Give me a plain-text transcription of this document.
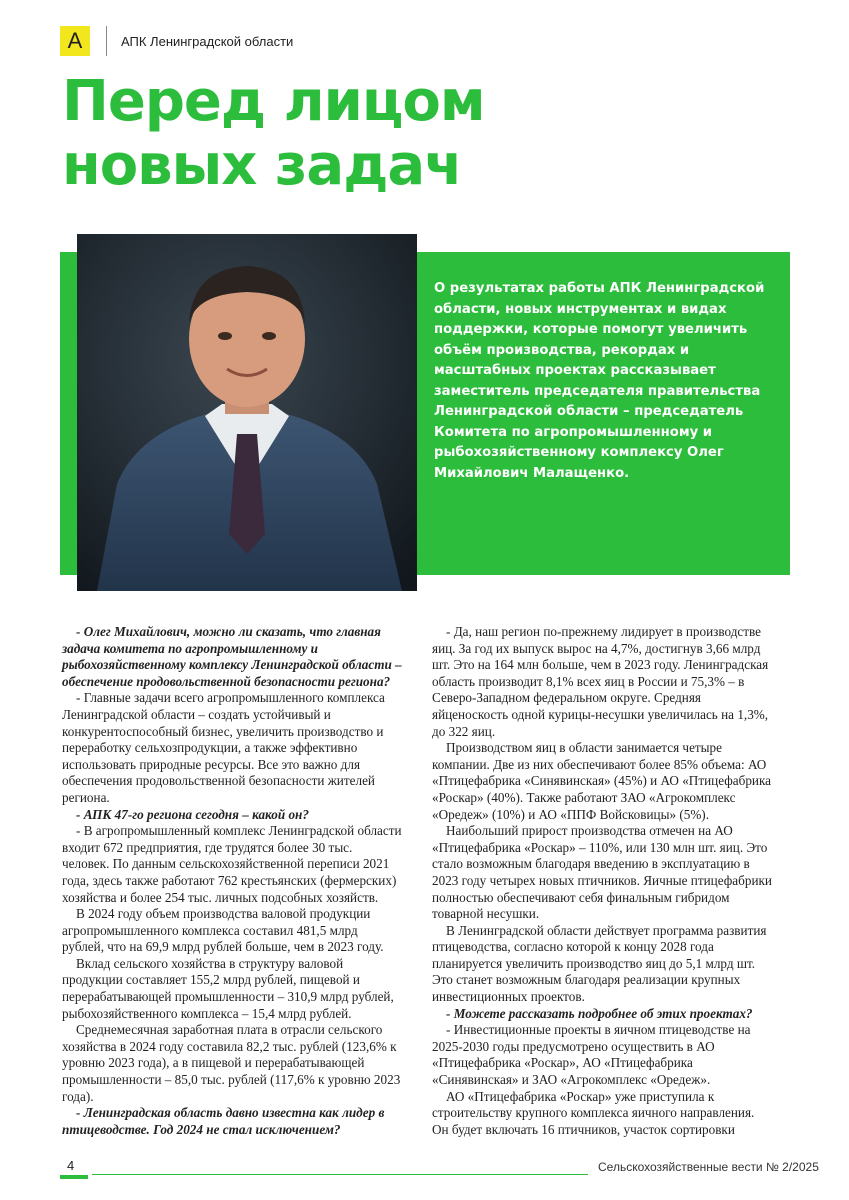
А	АПК Ленинградской области
Перед лицом
новых задач
О результатах работы АПК Ленинградской области, новых инструментах и видах поддержки, которые помогут увеличить объём производства, рекордах и масштабных проектах рассказывает заместитель председателя правительства Ленинградской области – председатель Комитета по агропромышленному и рыбохозяйственному комплексу Олег Михайлович Малащенко.

- Олег Михайлович, можно ли сказать, что главная задача комитета по агропромышленному и рыбохозяйственному комплексу Ленинградской области – обеспечение продовольственной безопасности региона?

- Главные задачи всего агропромышленного комплекса Ленинградской области – создать устойчивый и конкурентоспособный бизнес, увеличить производство и переработку сельхозпродукции, а также эффективно использовать природные ресурсы. Все это важно для обеспечения продовольственной безопасности жителей региона.

- АПК 47-го региона сегодня – какой он?

- В агропромышленный комплекс Ленинградской области входит 672 предприятия, где трудятся более 30 тыс. человек. По данным сельскохозяйственной переписи 2021 года, здесь также работают 762 крестьянских (фермерских) хозяйства и более 254 тыс. личных подсобных хозяйств.

В 2024 году объем производства валовой продукции агропромышленного комплекса составил 481,5 млрд рублей, что на 69,9 млрд рублей больше, чем в 2023 году.

Вклад сельского хозяйства в структуру валовой продукции составляет 155,2 млрд рублей, пищевой и перерабатывающей промышленности – 310,9 млрд рублей, рыбохозяйственного комплекса – 15,4 млрд рублей.

Среднемесячная заработная плата в отрасли сельского хозяйства в 2024 году составила 82,2 тыс. рублей (123,6% к уровню 2023 года), а в пищевой и перерабатывающей промышленности – 85,0 тыс. рублей (117,6% к уровню 2023 года).

- Ленинградская область давно известна как лидер в птицеводстве. Год 2024 не стал исключением?

- Да, наш регион по-прежнему лидирует в производстве яиц. За год их выпуск вырос на 4,7%, достигнув 3,66 млрд шт. Это на 164 млн больше, чем в 2023 году. Ленинградская область производит 8,1% всех яиц в России и 75,3% – в Северо-Западном федеральном округе. Средняя яйценоскость одной курицы-несушки увеличилась на 1,3%, до 322 яиц.

Производством яиц в области занимается четыре компании. Две из них обеспечивают более 85% объема: АО «Птицефабрика «Синявинская» (45%) и АО «Птицефабрика «Роскар» (40%). Также работают ЗАО «Агрокомплекс «Оредеж» (10%) и АО «ППФ Войсковицы» (5%).

Наибольший прирост производства отмечен на АО «Птицефабрика «Роскар» – 110%, или 130 млн шт. яиц. Это стало возможным благодаря введению в эксплуатацию в 2023 году четырех новых птичников. Яичные птицефабрики полностью обеспечивают себя финальным гибридом товарной несушки.

В Ленинградской области действует программа развития птицеводства, согласно которой к концу 2028 года планируется увеличить производство яиц до 5,1 млрд шт. Это станет возможным благодаря реализации крупных инвестиционных проектов.

- Можете рассказать подробнее об этих проектах?

- Инвестиционные проекты в яичном птицеводстве на 2025-2030 годы предусмотрено осуществить в АО «Птицефабрика «Роскар», АО «Птицефабрика «Синявинская» и ЗАО «Агрокомплекс «Оредеж».

АО «Птицефабрика «Роскар» уже приступила к строительству крупного комплекса яичного направления. Он будет включать 16 птичников, участок сортировки

4	Сельскохозяйственные вести № 2/2025
